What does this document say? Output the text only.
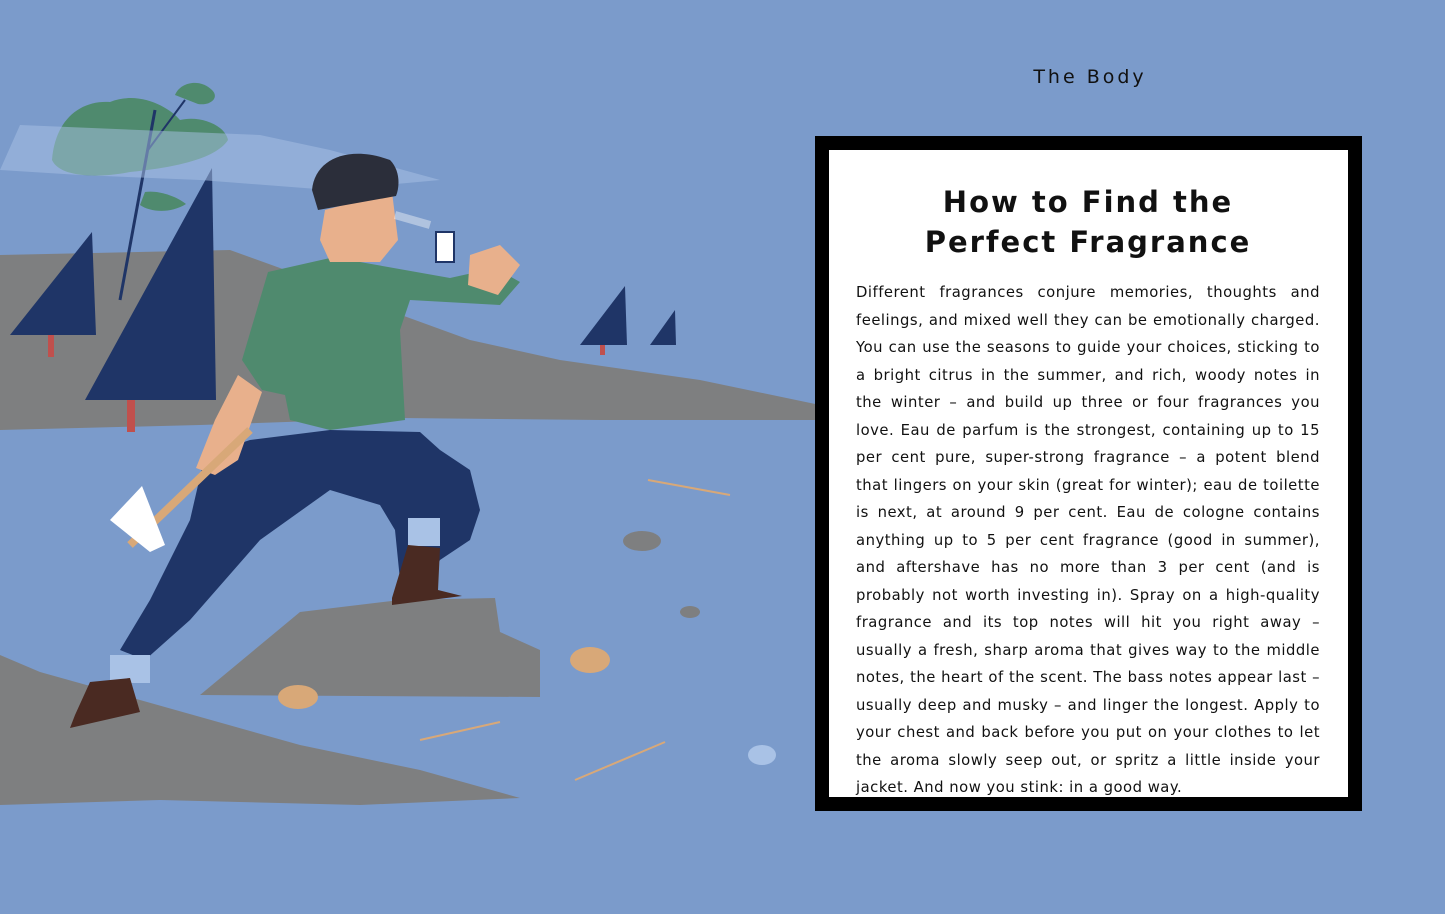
The Body
How to Find the
Perfect Fragrance

Different fragrances conjure memories, thoughts and feelings, and mixed well they can be emotionally charged. You can use the seasons to guide your choices, sticking to a bright citrus in the summer, and rich, woody notes in the winter – and build up three or four fragrances you love. Eau de parfum is the strongest, containing up to 15 per cent pure, super-strong fragrance – a potent blend that lingers on your skin (great for winter); eau de toilette is next, at around 9 per cent. Eau de cologne contains anything up to 5 per cent fragrance (good in summer), and aftershave has no more than 3 per cent (and is probably not worth investing in). Spray on a high-quality fragrance and its top notes will hit you right away – usually a fresh, sharp aroma that gives way to the middle notes, the heart of the scent. The bass notes appear last – usually deep and musky – and linger the longest. Apply to your chest and back before you put on your clothes to let the aroma slowly seep out, or spritz a little inside your jacket. And now you stink: in a good way.
